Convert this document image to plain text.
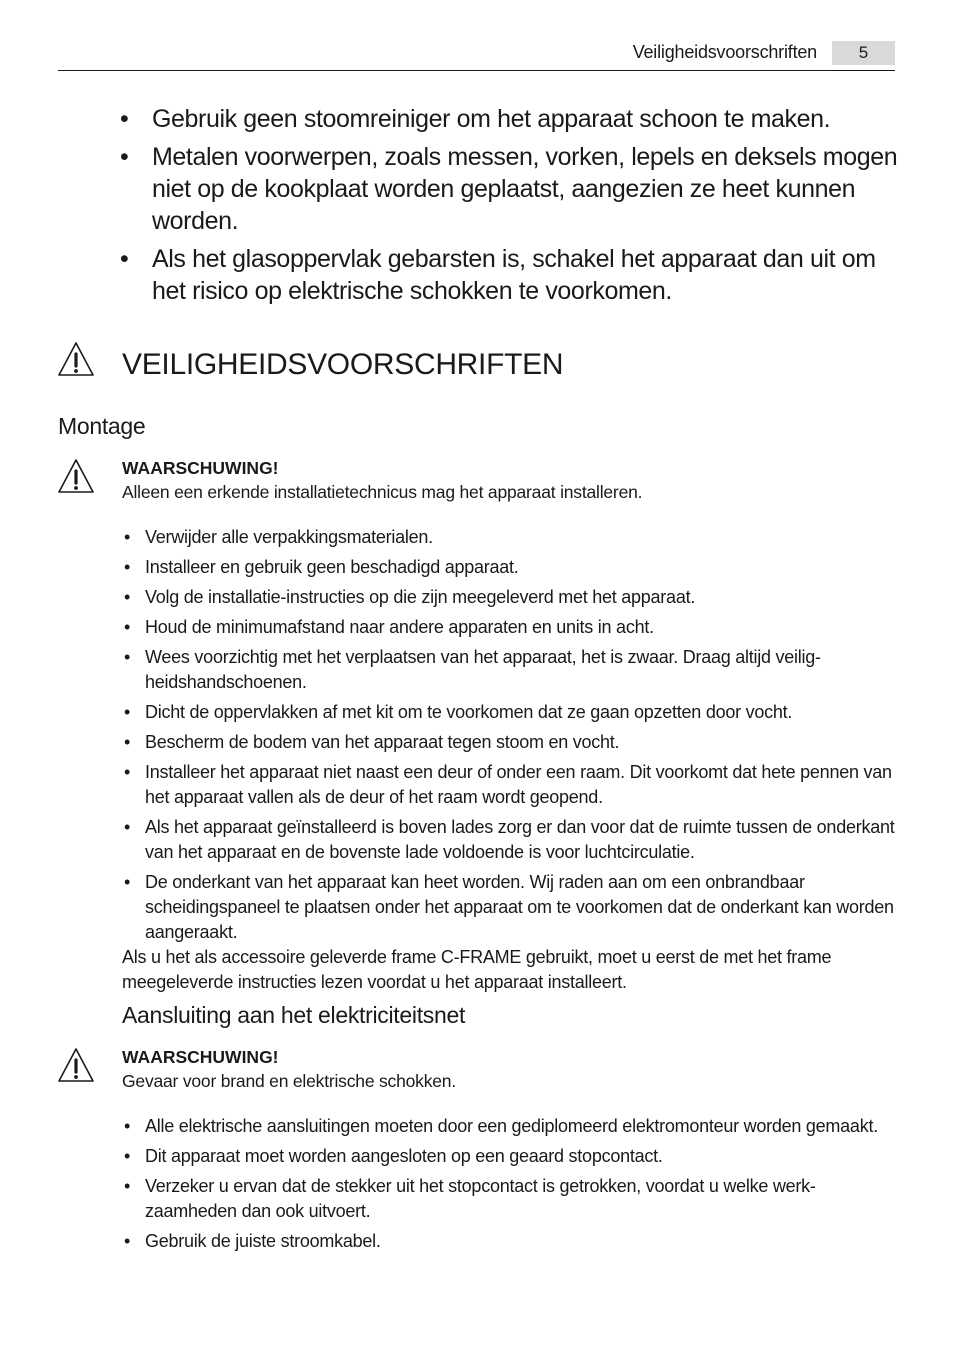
Veiligheidsvoorschriften	5
• Gebruik geen stoomreiniger om het apparaat schoon te maken.
• Metalen voorwerpen, zoals messen, vorken, lepels en deksels mogen niet op de kookplaat worden geplaatst, aangezien ze heet kunnen worden.
• Als het glasoppervlak gebarsten is, schakel het apparaat dan uit om het risico op elektrische schokken te voorkomen.
VEILIGHEIDSVOORSCHRIFTEN
Montage
WAARSCHUWING!
Alleen een erkende installatietechnicus mag het apparaat installeren.
• Verwijder alle verpakkingsmaterialen.
• Installeer en gebruik geen beschadigd apparaat.
• Volg de installatie-instructies op die zijn meegeleverd met het apparaat.
• Houd de minimumafstand naar andere apparaten en units in acht.
• Wees voorzichtig met het verplaatsen van het apparaat, het is zwaar. Draag altijd veilig-heidshandschoenen.
• Dicht de oppervlakken af met kit om te voorkomen dat ze gaan opzetten door vocht.
• Bescherm de bodem van het apparaat tegen stoom en vocht.
• Installeer het apparaat niet naast een deur of onder een raam. Dit voorkomt dat hete pennen van het apparaat vallen als de deur of het raam wordt geopend.
• Als het apparaat geïnstalleerd is boven lades zorg er dan voor dat de ruimte tussen de onderkant van het apparaat en de bovenste lade voldoende is voor luchtcirculatie.
• De onderkant van het apparaat kan heet worden. Wij raden aan om een onbrandbaar scheidingspaneel te plaatsen onder het apparaat om te voorkomen dat de onderkant kan worden aangeraakt.
Als u het als accessoire geleverde frame C-FRAME gebruikt, moet u eerst de met het frame meegeleverde instructies lezen voordat u het apparaat installeert.
Aansluiting aan het elektriciteitsnet
WAARSCHUWING!
Gevaar voor brand en elektrische schokken.
• Alle elektrische aansluitingen moeten door een gediplomeerd elektromonteur worden gemaakt.
• Dit apparaat moet worden aangesloten op een geaard stopcontact.
• Verzeker u ervan dat de stekker uit het stopcontact is getrokken, voordat u welke werk-zaamheden dan ook uitvoert.
• Gebruik de juiste stroomkabel.
